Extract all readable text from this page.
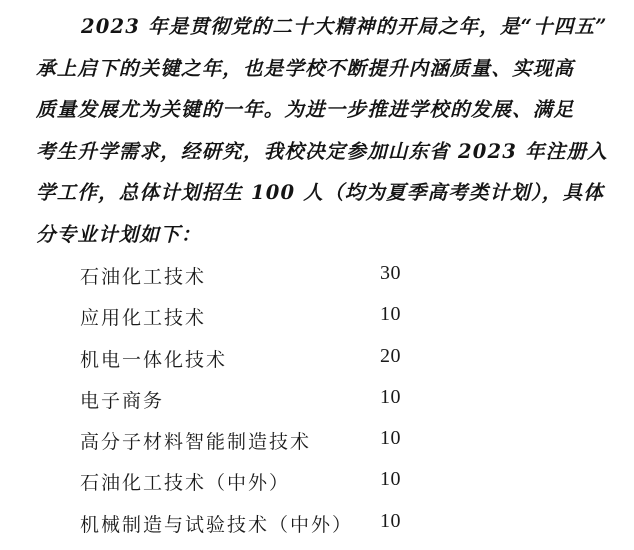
2023 年是贯彻党的二十大精神的开局之年，是“十四五”
承上启下的关键之年，也是学校不断提升内涵质量、实现高
质量发展尤为关键的一年。为进一步推进学校的发展、满足
考生升学需求，经研究，我校决定参加山东省 2023 年注册入
学工作，总体计划招生 100 人（均为夏季高考类计划），具体
分专业计划如下：

石油化工技术	30
应用化工技术	10
机电一体化技术	20
电子商务	10
高分子材料智能制造技术	10
石油化工技术（中外）	10
机械制造与试验技术（中外） 10
